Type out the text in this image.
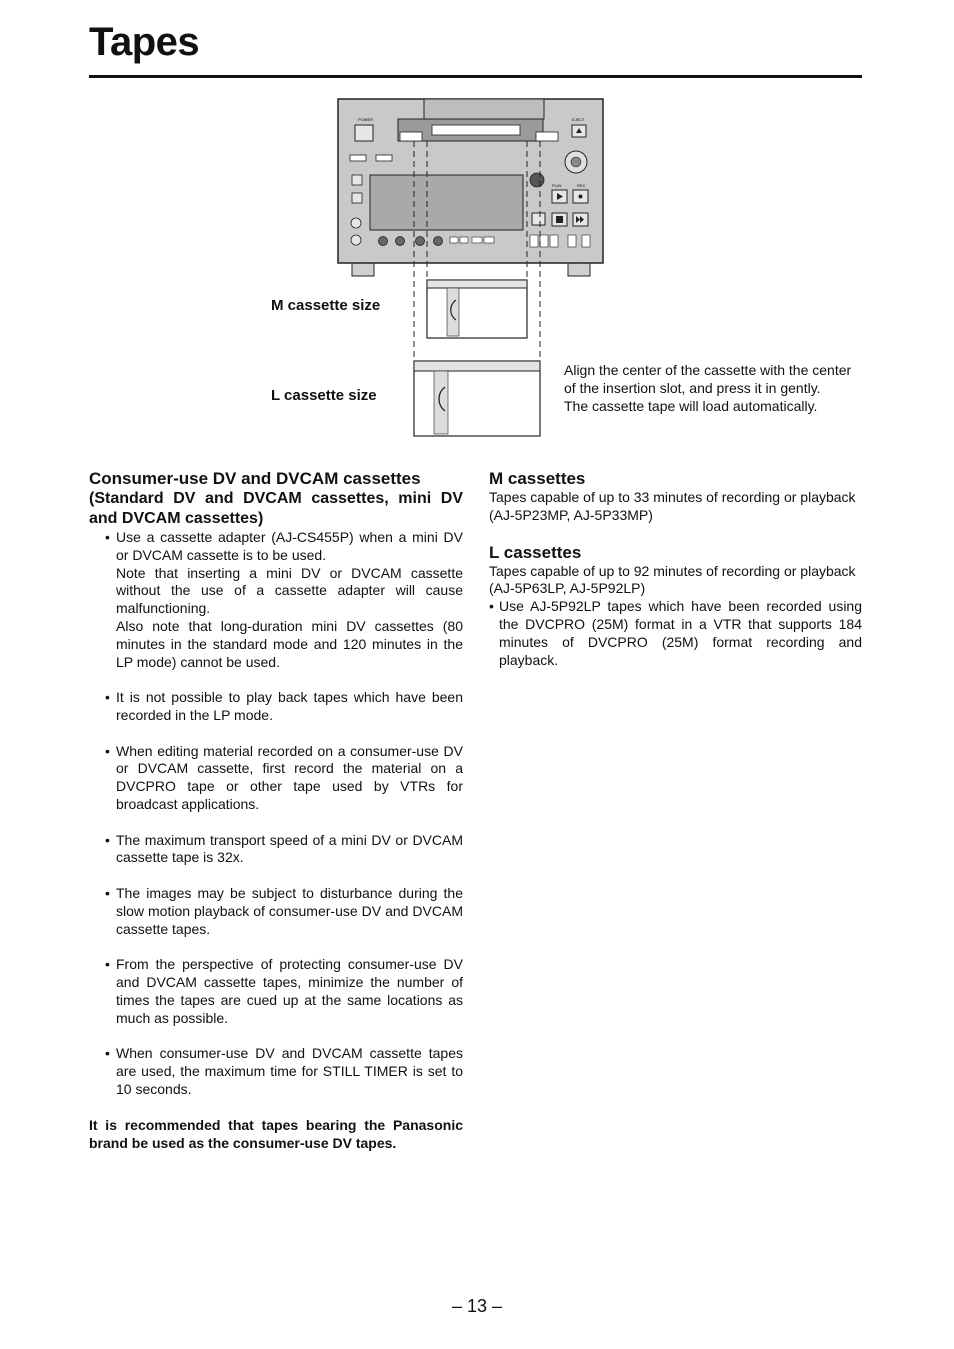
Tapes
POWER	EJECT
PLAY	REC
M cassette size
L cassette size

Align the center of the cassette with the center of the insertion slot, and press it in gently.

The cassette tape will load automatically.

Consumer-use DV and DVCAM cassettes
(Standard DV and DVCAM cassettes, mini DV and DVCAM cassettes)
• Use a cassette adapter (AJ-CS455P) when a mini DV or DVCAM cassette is to be used.

Note that inserting a mini DV or DVCAM cassette without the use of a cassette adapter will cause malfunctioning.

Also note that long-duration mini DV cassettes (80 minutes in the standard mode and 120 minutes in the LP mode) cannot be used.

• It is not possible to play back tapes which have been recorded in the LP mode.

• When editing material recorded on a consumer-use DV or DVCAM cassette, first record the material on a DVCPRO tape or other tape used by VTRs for broadcast applications.

• The maximum transport speed of a mini DV or DVCAM cassette tape is 32x.

• The images may be subject to disturbance during the slow motion playback of consumer-use DV and DVCAM cassette tapes.

• From the perspective of protecting consumer-use DV and DVCAM cassette tapes, minimize the number of times the tapes are cued up at the same locations as much as possible.

• When consumer-use DV and DVCAM cassette tapes are used, the maximum time for STILL TIMER is set to 10 seconds.

It is recommended that tapes bearing the Panasonic brand be used as the consumer-use DV tapes.

M cassettes

Tapes capable of up to 33 minutes of recording or playback

(AJ-5P23MP, AJ-5P33MP)

L cassettes

Tapes capable of up to 92 minutes of recording or playback

(AJ-5P63LP, AJ-5P92LP)

• Use AJ-5P92LP tapes which have been recorded using the DVCPRO (25M) format in a VTR that supports 184 minutes of DVCPRO (25M) format recording and playback.

– 13 –
